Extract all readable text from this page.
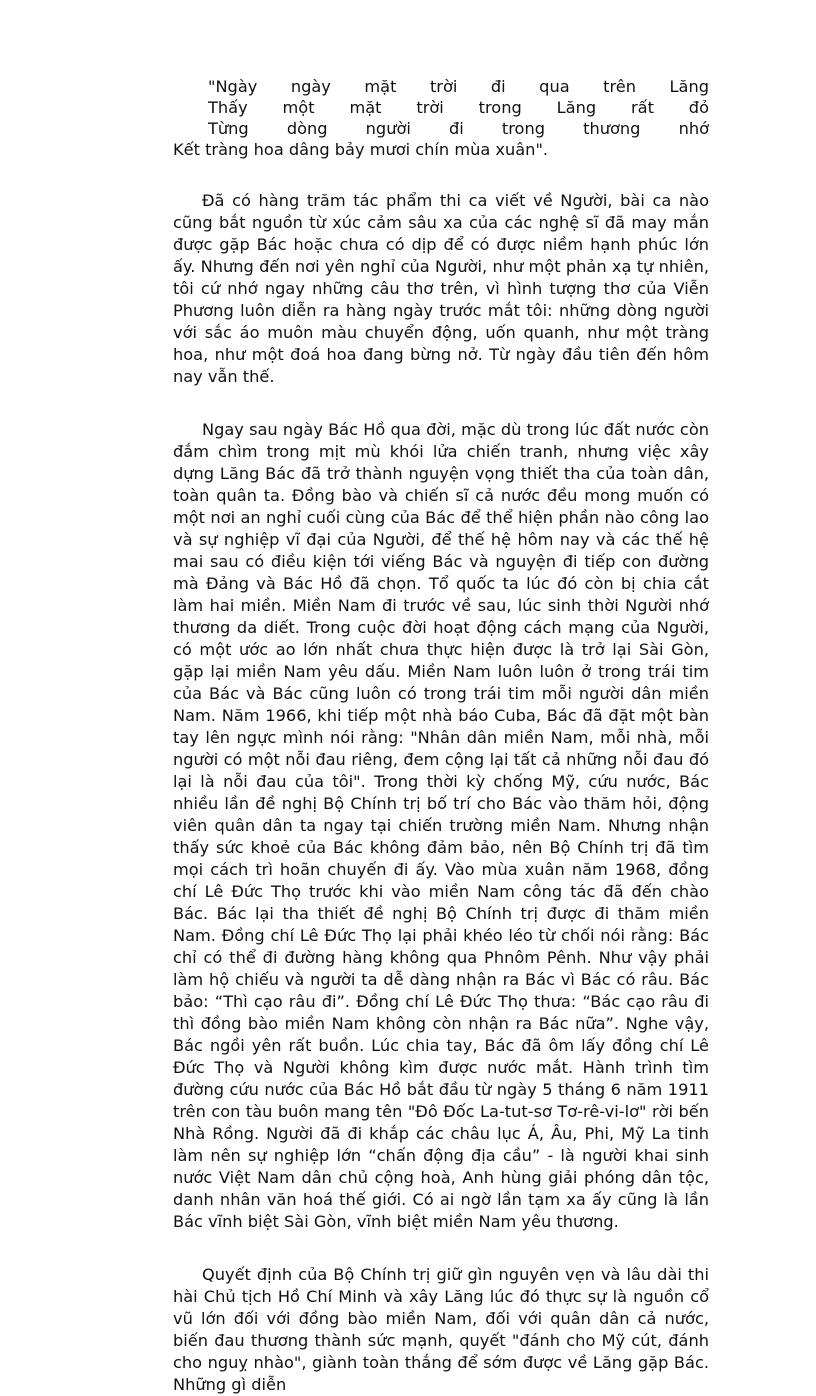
"Ngày ngày mặt trời đi qua trên Lăng
Thấy một mặt trời trong Lăng rất đỏ
Từng dòng người đi trong thương nhớ
Kết tràng hoa dâng bảy mươi chín mùa xuân".

Đã có hàng trăm tác phẩm thi ca viết về Người, bài ca nào cũng bắt nguồn từ xúc cảm sâu xa của các nghệ sĩ đã may mắn được gặp Bác hoặc chưa có dịp để có được niềm hạnh phúc lớn ấy. Nhưng đến nơi yên nghỉ của Người, như một phản xạ tự nhiên, tôi cứ nhớ ngay những câu thơ trên, vì hình tượng thơ của Viễn Phương luôn diễn ra hàng ngày trước mắt tôi: những dòng người với sắc áo muôn màu chuyển động, uốn quanh, như một tràng hoa, như một đoá hoa đang bừng nở. Từ ngày đầu tiên đến hôm nay vẫn thế.

Ngay sau ngày Bác Hồ qua đời, mặc dù trong lúc đất nước còn đắm chìm trong mịt mù khói lửa chiến tranh, nhưng việc xây dựng Lăng Bác đã trở thành nguyện vọng thiết tha của toàn dân, toàn quân ta. Đồng bào và chiến sĩ cả nước đều mong muốn có một nơi an nghỉ cuối cùng của Bác để thể hiện phần nào công lao và sự nghiệp vĩ đại của Người, để thế hệ hôm nay và các thế hệ mai sau có điều kiện tới viếng Bác và nguyện đi tiếp con đường mà Đảng và Bác Hồ đã chọn. Tổ quốc ta lúc đó còn bị chia cắt làm hai miền. Miền Nam đi trước về sau, lúc sinh thời Người nhớ thương da diết. Trong cuộc đời hoạt động cách mạng của Người, có một ước ao lớn nhất chưa thực hiện được là trở lại Sài Gòn, gặp lại miền Nam yêu dấu. Miền Nam luôn luôn ở trong trái tim của Bác và Bác cũng luôn có trong trái tim mỗi người dân miền Nam. Năm 1966, khi tiếp một nhà báo Cuba, Bác đã đặt một bàn tay lên ngực mình nói rằng: "Nhân dân miền Nam, mỗi nhà, mỗi người có một nỗi đau riêng, đem cộng lại tất cả những nỗi đau đó lại là nỗi đau của tôi". Trong thời kỳ chống Mỹ, cứu nước, Bác nhiều lần đề nghị Bộ Chính trị bố trí cho Bác vào thăm hỏi, động viên quân dân ta ngay tại chiến trường miền Nam. Nhưng nhận thấy sức khoẻ của Bác không đảm bảo, nên Bộ Chính trị đã tìm mọi cách trì hoãn chuyến đi ấy. Vào mùa xuân năm 1968, đồng chí Lê Đức Thọ trước khi vào miền Nam công tác đã đến chào Bác. Bác lại tha thiết đề nghị Bộ Chính trị được đi thăm miền Nam. Đồng chí Lê Đức Thọ lại phải khéo léo từ chối nói rằng: Bác chỉ có thể đi đường hàng không qua Phnôm Pênh. Như vậy phải làm hộ chiếu và người ta dễ dàng nhận ra Bác vì Bác có râu. Bác bảo: “Thì cạo râu đi”. Đồng chí Lê Đức Thọ thưa: “Bác cạo râu đi thì đồng bào miền Nam không còn nhận ra Bác nữa”. Nghe vậy, Bác ngồi yên rất buồn. Lúc chia tay, Bác đã ôm lấy đồng chí Lê Đức Thọ và Người không kìm được nước mắt. Hành trình tìm đường cứu nước của Bác Hồ bắt đầu từ ngày 5 tháng 6 năm 1911 trên con tàu buôn mang tên "Đô Đốc La-tut-sơ Tơ-rê-vi-lơ" rời bến Nhà Rồng. Người đã đi khắp các châu lục Á, Âu, Phi, Mỹ La tinh làm nên sự nghiệp lớn “chấn động địa cầu” - là người khai sinh nước Việt Nam dân chủ cộng hoà, Anh hùng giải phóng dân tộc, danh nhân văn hoá thế giới. Có ai ngờ lần tạm xa ấy cũng là lần Bác vĩnh biệt Sài Gòn, vĩnh biệt miền Nam yêu thương.

Quyết định của Bộ Chính trị giữ gìn nguyên vẹn và lâu dài thi hài Chủ tịch Hồ Chí Minh và xây Lăng lúc đó thực sự là nguồn cổ vũ lớn đối với đồng bào miền Nam, đối với quân dân cả nước, biến đau thương thành sức mạnh, quyết "đánh cho Mỹ cút, đánh cho nguỵ nhào", giành toàn thắng để sớm được về Lăng gặp Bác. Những gì diễn
